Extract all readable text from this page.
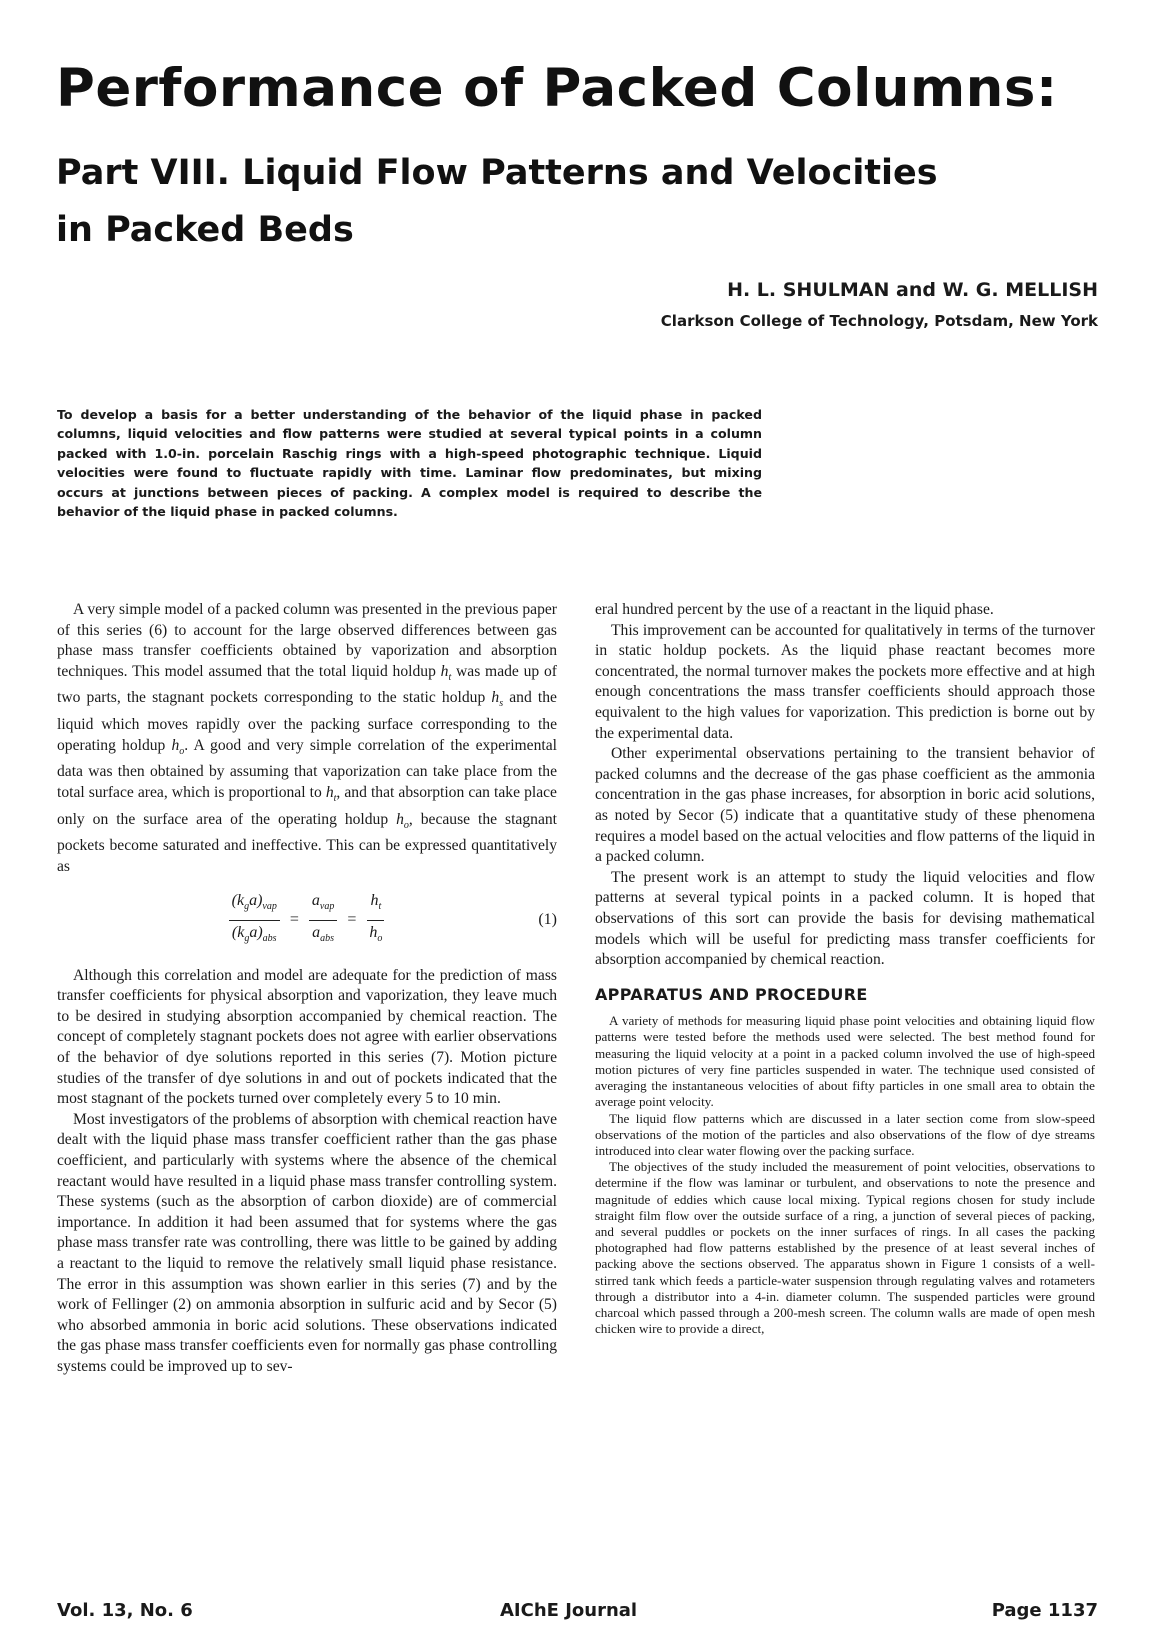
Performance of Packed Columns:
Part VIII. Liquid Flow Patterns and Velocities in Packed Beds

H. L. SHULMAN and W. G. MELLISH

Clarkson College of Technology, Potsdam, New York

To develop a basis for a better understanding of the behavior of the liquid phase in packed columns, liquid velocities and flow patterns were studied at several typical points in a column packed with 1.0-in. porcelain Raschig rings with a high-speed photographic technique. Liquid velocities were found to fluctuate rapidly with time. Laminar flow predominates, but mixing occurs at junctions between pieces of packing. A complex model is required to describe the behavior of the liquid phase in packed columns.

A very simple model of a packed column was presented in the previous paper of this series (6) to account for the large observed differences between gas phase mass transfer coefficients obtained by vaporization and absorption techniques. This model assumed that the total liquid holdup $h_t$ was made up of two parts, the stagnant pockets corresponding to the static holdup $h_s$ and the liquid which moves rapidly over the packing surface corresponding to the operating holdup $h_o$. A good and very simple correlation of the experimental data was then obtained by assuming that vaporization can take place from the total surface area, which is proportional to $h_t$, and that absorption can take place only on the surface area of the operating holdup $h_o$, because the stagnant pockets become saturated and ineffective. This can be expressed quantitatively as

$\frac{(k_ga)_{vap}}{(k_ga)_{abs}} = \frac{a_{vap}}{a_{abs}} = \frac{h_t}{h_o}$	(1)

Although this correlation and model are adequate for the prediction of mass transfer coefficients for physical absorption and vaporization, they leave much to be desired in studying absorption accompanied by chemical reaction. The concept of completely stagnant pockets does not agree with earlier observations of the behavior of dye solutions reported in this series (7). Motion picture studies of the transfer of dye solutions in and out of pockets indicated that the most stagnant of the pockets turned over completely every 5 to 10 min.

Most investigators of the problems of absorption with chemical reaction have dealt with the liquid phase mass transfer coefficient rather than the gas phase coefficient, and particularly with systems where the absence of the chemical reactant would have resulted in a liquid phase mass transfer controlling system. These systems (such as the absorption of carbon dioxide) are of commercial importance. In addition it had been assumed that for systems where the gas phase mass transfer rate was controlling, there was little to be gained by adding a reactant to the liquid to remove the relatively small liquid phase resistance. The error in this assumption was shown earlier in this series (7) and by the work of Fellinger (2) on ammonia absorption in sulfuric acid and by Secor (5) who absorbed ammonia in boric acid solutions. These observations indicated the gas phase mass transfer coefficients even for normally gas phase controlling systems could be improved up to sev-

eral hundred percent by the use of a reactant in the liquid phase.

This improvement can be accounted for qualitatively in terms of the turnover in static holdup pockets. As the liquid phase reactant becomes more concentrated, the normal turnover makes the pockets more effective and at high enough concentrations the mass transfer coefficients should approach those equivalent to the high values for vaporization. This prediction is borne out by the experimental data.

Other experimental observations pertaining to the transient behavior of packed columns and the decrease of the gas phase coefficient as the ammonia concentration in the gas phase increases, for absorption in boric acid solutions, as noted by Secor (5) indicate that a quantitative study of these phenomena requires a model based on the actual velocities and flow patterns of the liquid in a packed column.

The present work is an attempt to study the liquid velocities and flow patterns at several typical points in a packed column. It is hoped that observations of this sort can provide the basis for devising mathematical models which will be useful for predicting mass transfer coefficients for absorption accompanied by chemical reaction.

APPARATUS AND PROCEDURE

A variety of methods for measuring liquid phase point velocities and obtaining liquid flow patterns were tested before the methods used were selected. The best method found for measuring the liquid velocity at a point in a packed column involved the use of high-speed motion pictures of very fine particles suspended in water. The technique used consisted of averaging the instantaneous velocities of about fifty particles in one small area to obtain the average point velocity.

The liquid flow patterns which are discussed in a later section come from slow-speed observations of the motion of the particles and also observations of the flow of dye streams introduced into clear water flowing over the packing surface.

The objectives of the study included the measurement of point velocities, observations to determine if the flow was laminar or turbulent, and observations to note the presence and magnitude of eddies which cause local mixing. Typical regions chosen for study include straight film flow over the outside surface of a ring, a junction of several pieces of packing, and several puddles or pockets on the inner surfaces of rings. In all cases the packing photographed had flow patterns established by the presence of at least several inches of packing above the sections observed. The apparatus shown in Figure 1 consists of a well-stirred tank which feeds a particle-water suspension through regulating valves and rotameters through a distributor into a 4-in. diameter column. The suspended particles were ground charcoal which passed through a 200-mesh screen. The column walls are made of open mesh chicken wire to provide a direct,

Vol. 13, No. 6	AIChE Journal	Page 1137
